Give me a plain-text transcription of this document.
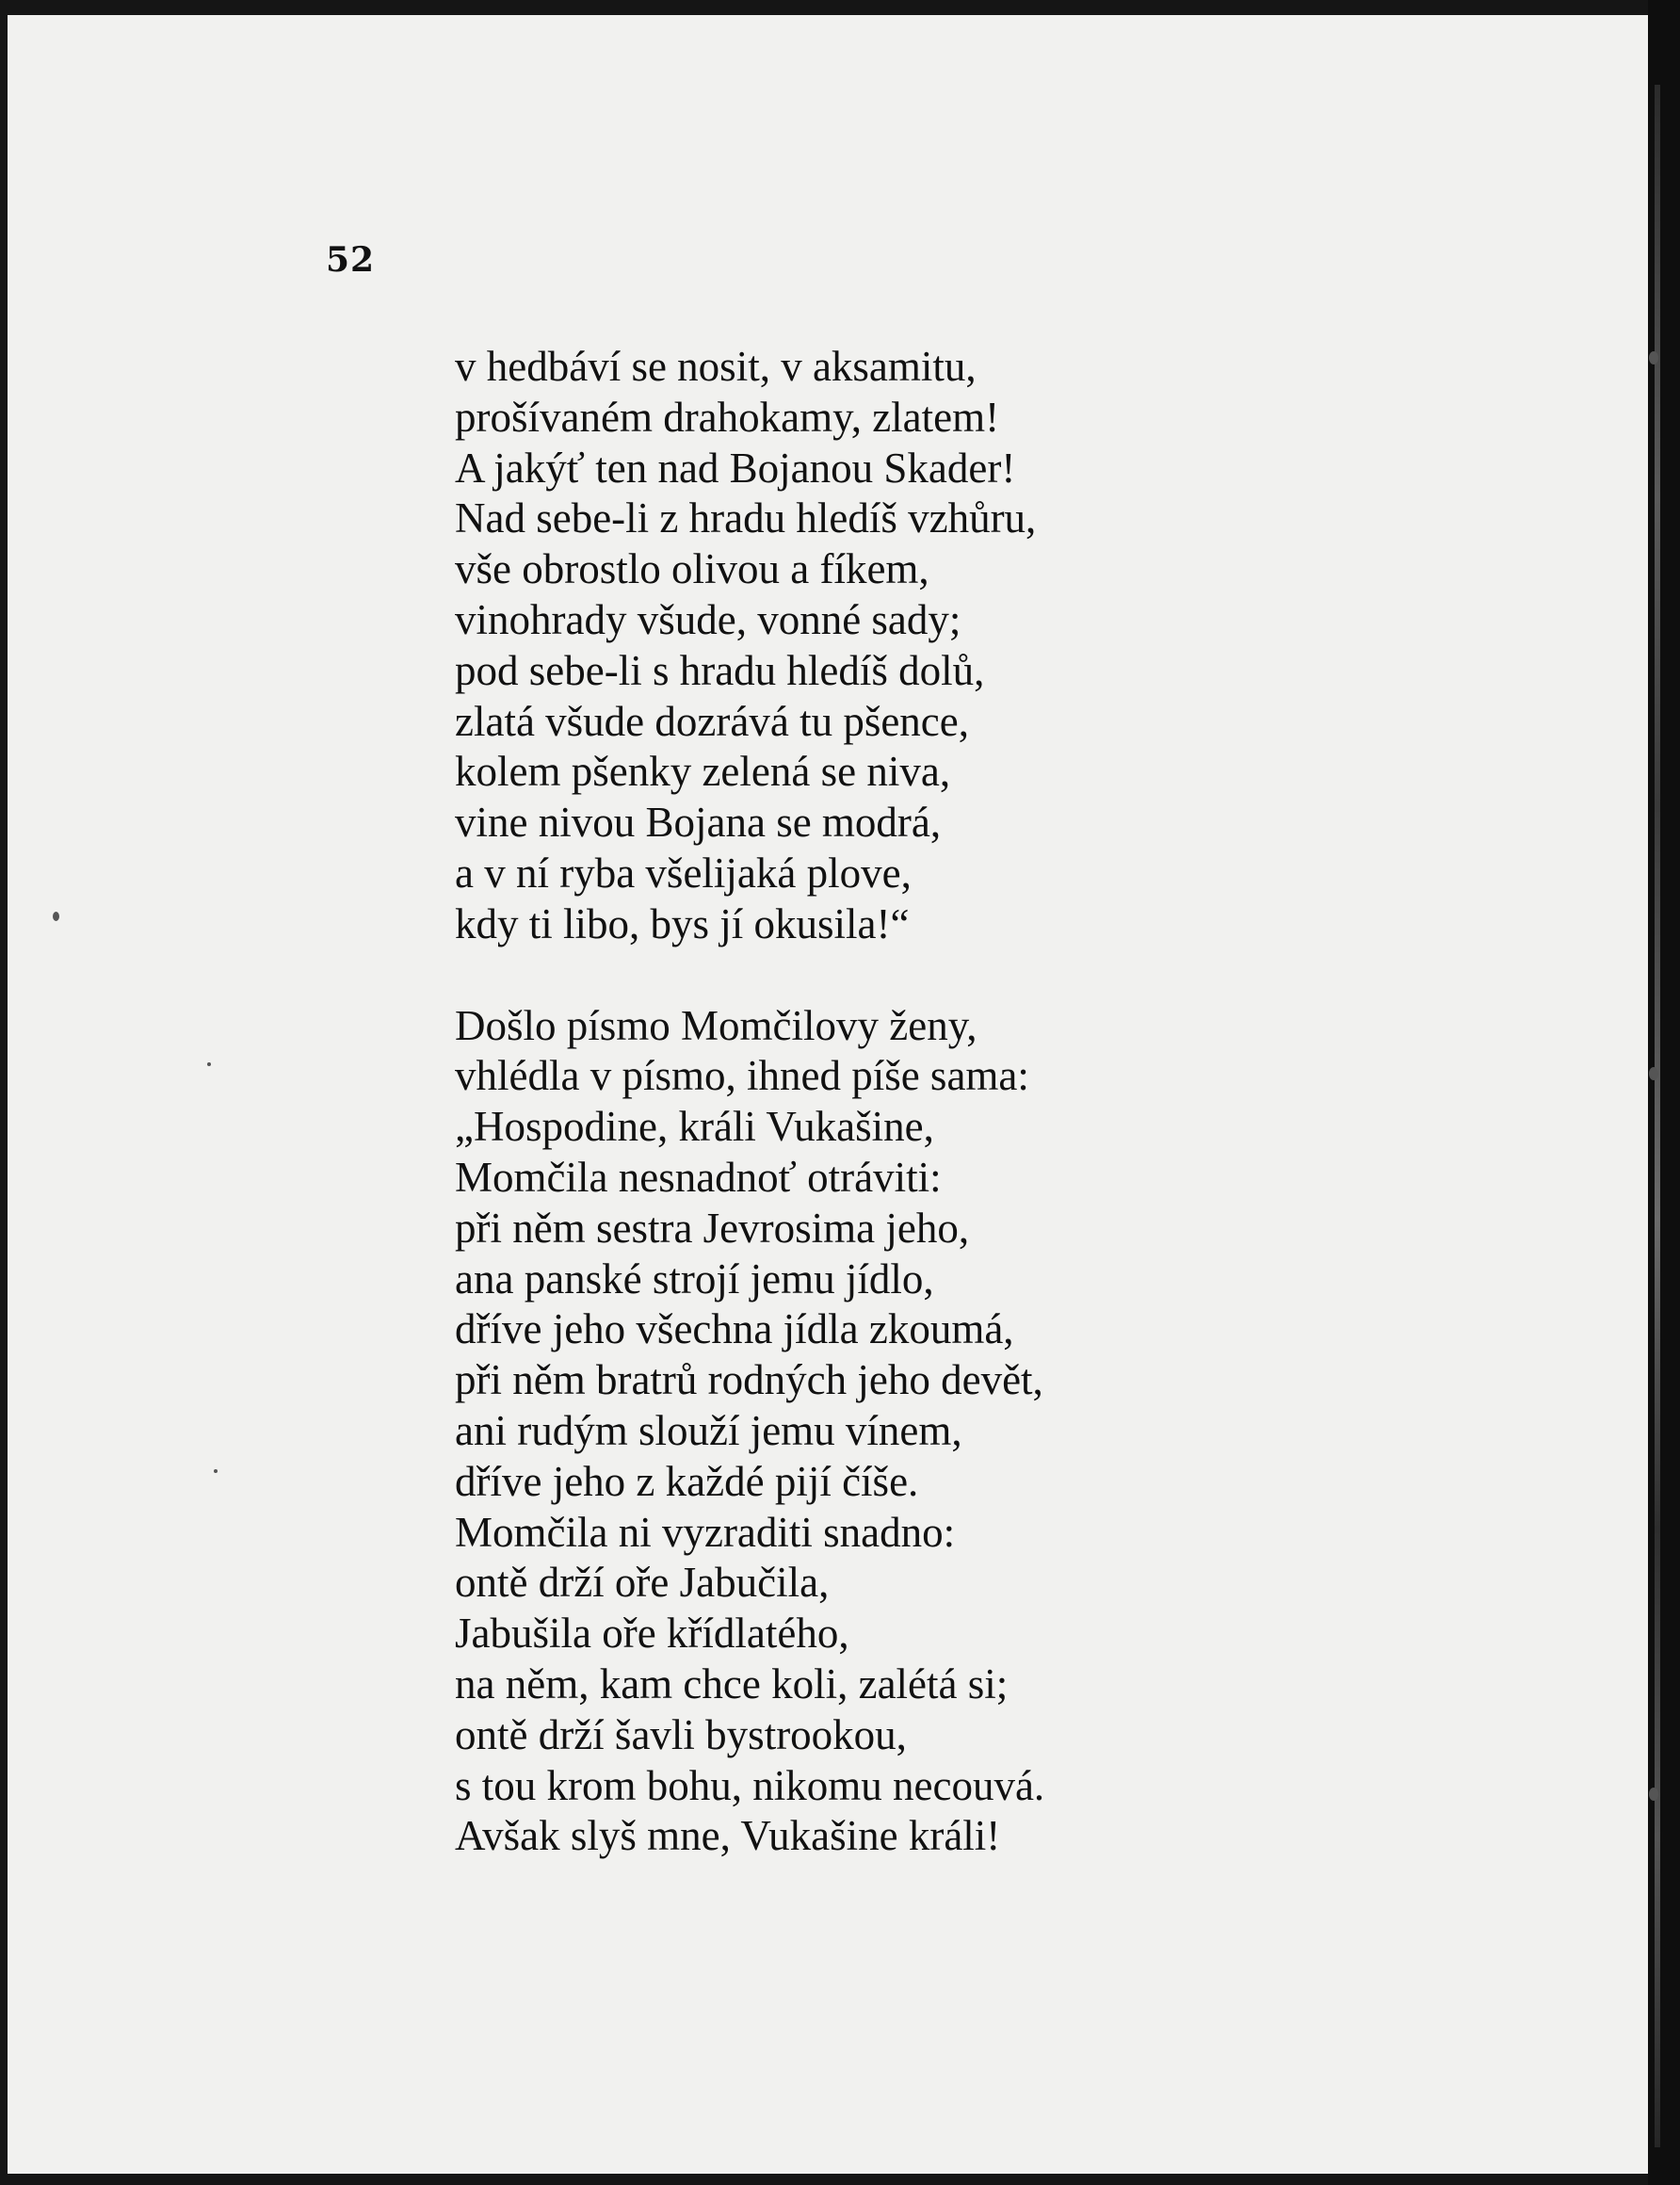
52
v hedbáví se nosit, v aksamitu,
prošívaném drahokamy, zlatem!
A jakýť ten nad Bojanou Skader!
Nad sebe-li z hradu hledíš vzhůru,
vše obrostlo olivou a fíkem,
vinohrady všude, vonné sady;
pod sebe-li s hradu hledíš dolů,
zlatá všude dozrává tu pšence,
kolem pšenky zelená se niva,
vine nivou Bojana se modrá,
a v ní ryba všelijaká plove,
kdy ti libo, bys jí okusila!“
Došlo písmo Momčilovy ženy,
vhlédla v písmo, ihned píše sama:
„Hospodine, králi Vukašine,
Momčila nesnadnoť otráviti:
při něm sestra Jevrosima jeho,
ana panské strojí jemu jídlo,
dříve jeho všechna jídla zkoumá,
při něm bratrů rodných jeho devět,
ani rudým slouží jemu vínem,
dříve jeho z každé pijí číše.
Momčila ni vyzraditi snadno:
ontě drží oře Jabučila,
Jabušila oře křídlatého,
na něm, kam chce koli, zalétá si;
ontě drží šavli bystrookou,
s tou krom bohu, nikomu necouvá.
Avšak slyš mne, Vukašine králi!
